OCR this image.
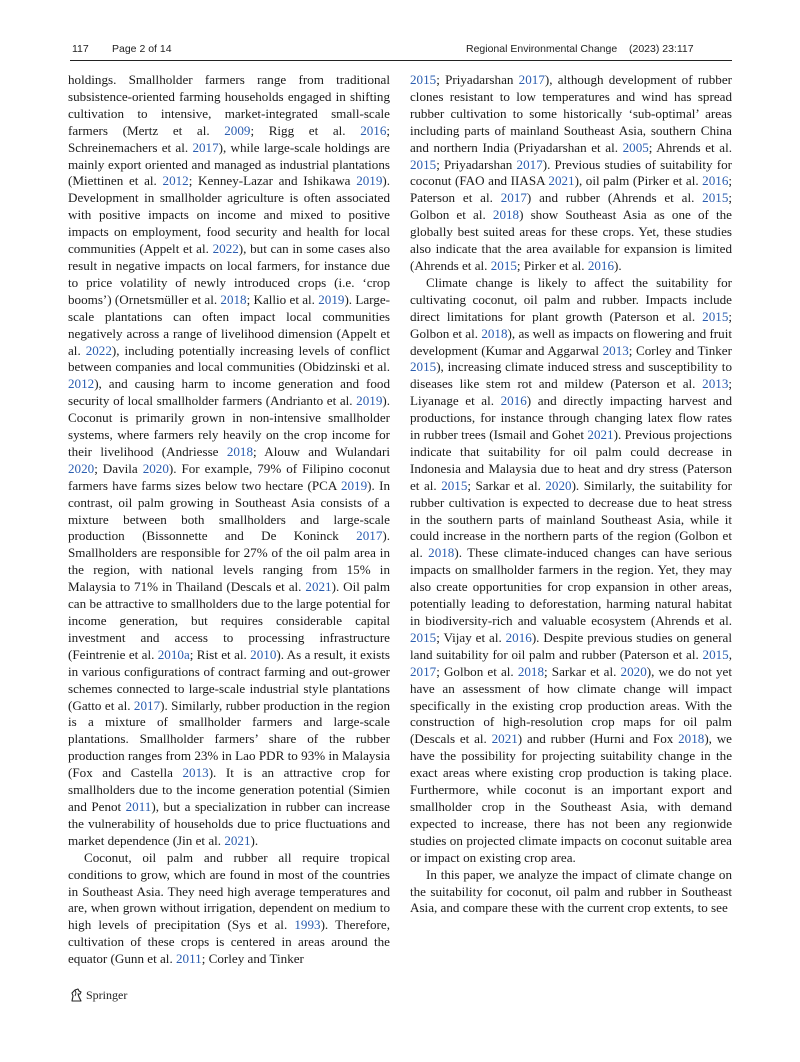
117 Page 2 of 14	Regional Environmental Change (2023) 23:117

holdings. Smallholder farmers range from traditional subsistence-oriented farming households engaged in shifting cultivation to intensive, market-integrated small-scale farmers (Mertz et al. 2009; Rigg et al. 2016; Schreinemachers et al. 2017), while large-scale holdings are mainly export oriented and managed as industrial plantations (Miettinen et al. 2012; Kenney-Lazar and Ishikawa 2019). Development in smallholder agriculture is often associated with positive impacts on income and mixed to positive impacts on employment, food security and health for local communities (Appelt et al. 2022), but can in some cases also result in negative impacts on local farmers, for instance due to price volatility of newly introduced crops (i.e. ‘crop booms’) (Ornetsmüller et al. 2018; Kallio et al. 2019). Large-scale plantations can often impact local communities negatively across a range of livelihood dimension (Appelt et al. 2022), including potentially increasing levels of conflict between companies and local communities (Obidzinski et al. 2012), and causing harm to income generation and food security of local smallholder farmers (Andrianto et al. 2019). Coconut is primarily grown in non-intensive smallholder systems, where farmers rely heavily on the crop income for their livelihood (Andriesse 2018; Alouw and Wulandari 2020; Davila 2020). For example, 79% of Filipino coconut farmers have farms sizes below two hectare (PCA 2019). In contrast, oil palm growing in Southeast Asia consists of a mixture between both smallholders and large-scale production (Bissonnette and De Koninck 2017). Smallholders are responsible for 27% of the oil palm area in the region, with national levels ranging from 15% in Malaysia to 71% in Thailand (Descals et al. 2021). Oil palm can be attractive to smallholders due to the large potential for income generation, but requires considerable capital investment and access to processing infrastructure (Feintrenie et al. 2010a; Rist et al. 2010). As a result, it exists in various configurations of contract farming and out-grower schemes connected to large-scale industrial style plantations (Gatto et al. 2017). Similarly, rubber production in the region is a mixture of smallholder farmers and large-scale plantations. Smallholder farmers’ share of the rubber production ranges from 23% in Lao PDR to 93% in Malaysia (Fox and Castella 2013). It is an attractive crop for smallholders due to the income generation potential (Simien and Penot 2011), but a specialization in rubber can increase the vulnerability of households due to price fluctuations and market dependence (Jin et al. 2021).

Coconut, oil palm and rubber all require tropical conditions to grow, which are found in most of the countries in Southeast Asia. They need high average temperatures and are, when grown without irrigation, dependent on medium to high levels of precipitation (Sys et al. 1993). Therefore, cultivation of these crops is centered in areas around the equator (Gunn et al. 2011; Corley and Tinker

2015; Priyadarshan 2017), although development of rubber clones resistant to low temperatures and wind has spread rubber cultivation to some historically ‘sub-optimal’ areas including parts of mainland Southeast Asia, southern China and northern India (Priyadarshan et al. 2005; Ahrends et al. 2015; Priyadarshan 2017). Previous studies of suitability for coconut (FAO and IIASA 2021), oil palm (Pirker et al. 2016; Paterson et al. 2017) and rubber (Ahrends et al. 2015; Golbon et al. 2018) show Southeast Asia as one of the globally best suited areas for these crops. Yet, these studies also indicate that the area available for expansion is limited (Ahrends et al. 2015; Pirker et al. 2016).

Climate change is likely to affect the suitability for cultivating coconut, oil palm and rubber. Impacts include direct limitations for plant growth (Paterson et al. 2015; Golbon et al. 2018), as well as impacts on flowering and fruit development (Kumar and Aggarwal 2013; Corley and Tinker 2015), increasing climate induced stress and susceptibility to diseases like stem rot and mildew (Paterson et al. 2013; Liyanage et al. 2016) and directly impacting harvest and productions, for instance through changing latex flow rates in rubber trees (Ismail and Gohet 2021). Previous projections indicate that suitability for oil palm could decrease in Indonesia and Malaysia due to heat and dry stress (Paterson et al. 2015; Sarkar et al. 2020). Similarly, the suitability for rubber cultivation is expected to decrease due to heat stress in the southern parts of mainland Southeast Asia, while it could increase in the northern parts of the region (Golbon et al. 2018). These climate-induced changes can have serious impacts on smallholder farmers in the region. Yet, they may also create opportunities for crop expansion in other areas, potentially leading to deforestation, harming natural habitat in biodiversity-rich and valuable ecosystem (Ahrends et al. 2015; Vijay et al. 2016). Despite previous studies on general land suitability for oil palm and rubber (Paterson et al. 2015, 2017; Golbon et al. 2018; Sarkar et al. 2020), we do not yet have an assessment of how climate change will impact specifically in the existing crop production areas. With the construction of high-resolution crop maps for oil palm (Descals et al. 2021) and rubber (Hurni and Fox 2018), we have the possibility for projecting suitability change in the exact areas where existing crop production is taking place. Furthermore, while coconut is an important export and smallholder crop in the Southeast Asia, with demand expected to increase, there has not been any regionwide studies on projected climate impacts on coconut suitable area or impact on existing crop area.

In this paper, we analyze the impact of climate change on the suitability for coconut, oil palm and rubber in Southeast Asia, and compare these with the current crop extents, to see

Springer
